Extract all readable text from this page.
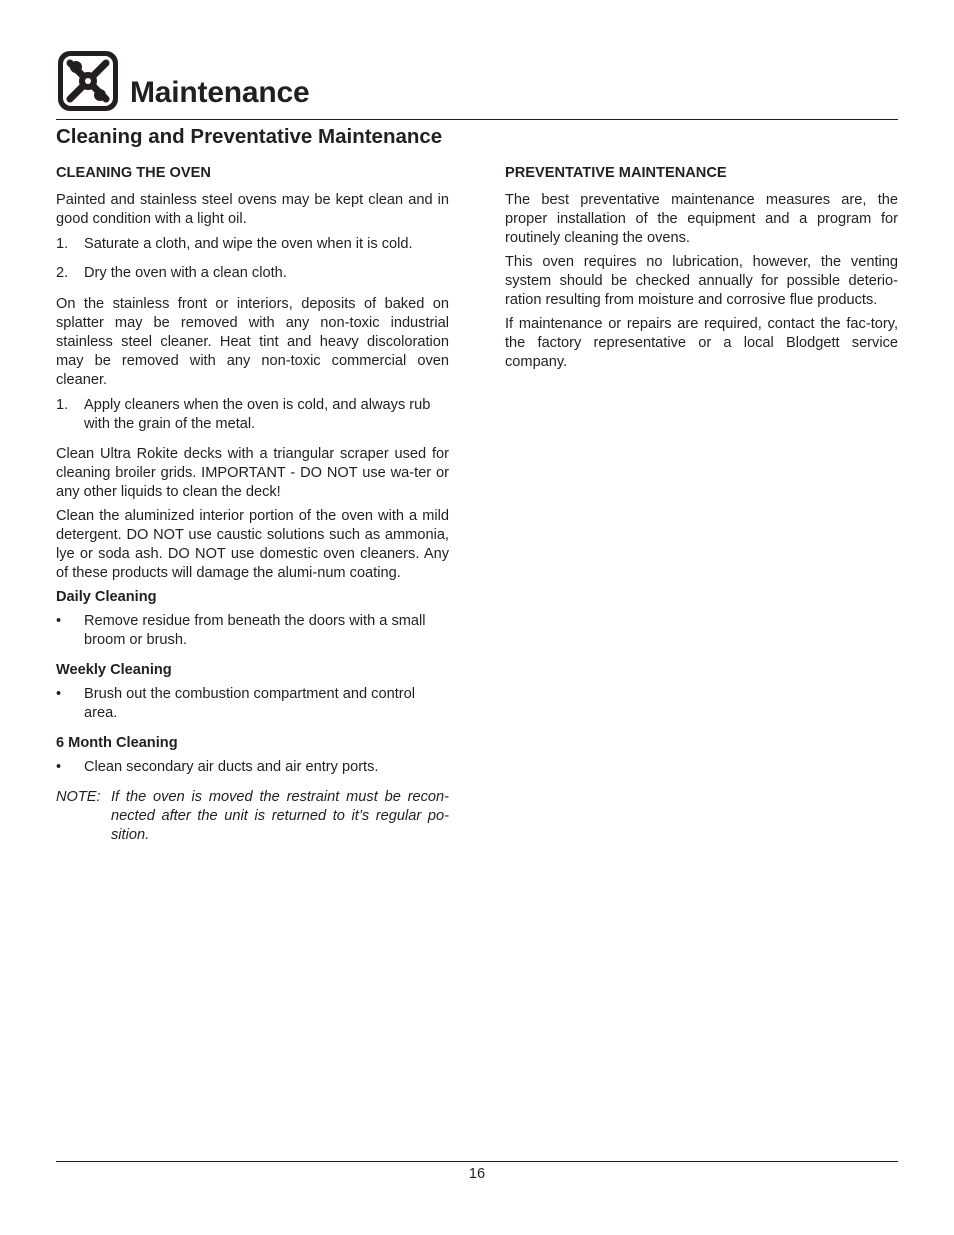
Maintenance
Cleaning and Preventative Maintenance
CLEANING THE OVEN

Painted and stainless steel ovens may be kept clean and in good condition with a light oil.

1. Saturate a cloth, and wipe the oven when it is cold.
2. Dry the oven with a clean cloth.

On the stainless front or interiors, deposits of baked on splatter may be removed with any non-toxic industrial stainless steel cleaner. Heat tint and heavy discoloration may be removed with any non-toxic commercial oven cleaner.

1. Apply cleaners when the oven is cold, and always rub with the grain of the metal.

Clean Ultra Rokite decks with a triangular scraper used for cleaning broiler grids. IMPORTANT - DO NOT use wa-ter or any other liquids to clean the deck!

Clean the aluminized interior portion of the oven with a mild detergent. DO NOT use caustic solutions such as ammonia, lye or soda ash. DO NOT use domestic oven cleaners. Any of these products will damage the alumi-num coating.

Daily Cleaning
• Remove residue from beneath the doors with a small broom or brush.
Weekly Cleaning
• Brush out the combustion compartment and control area.
6 Month Cleaning
• Clean secondary air ducts and air entry ports.
NOTE: If the oven is moved the restraint must be recon-nected after the unit is returned to it’s regular po-sition.
PREVENTATIVE MAINTENANCE

The best preventative maintenance measures are, the proper installation of the equipment and a program for routinely cleaning the ovens.

This oven requires no lubrication, however, the venting system should be checked annually for possible deterio-ration resulting from moisture and corrosive flue products.

If maintenance or repairs are required, contact the fac-tory, the factory representative or a local Blodgett service company.

16
